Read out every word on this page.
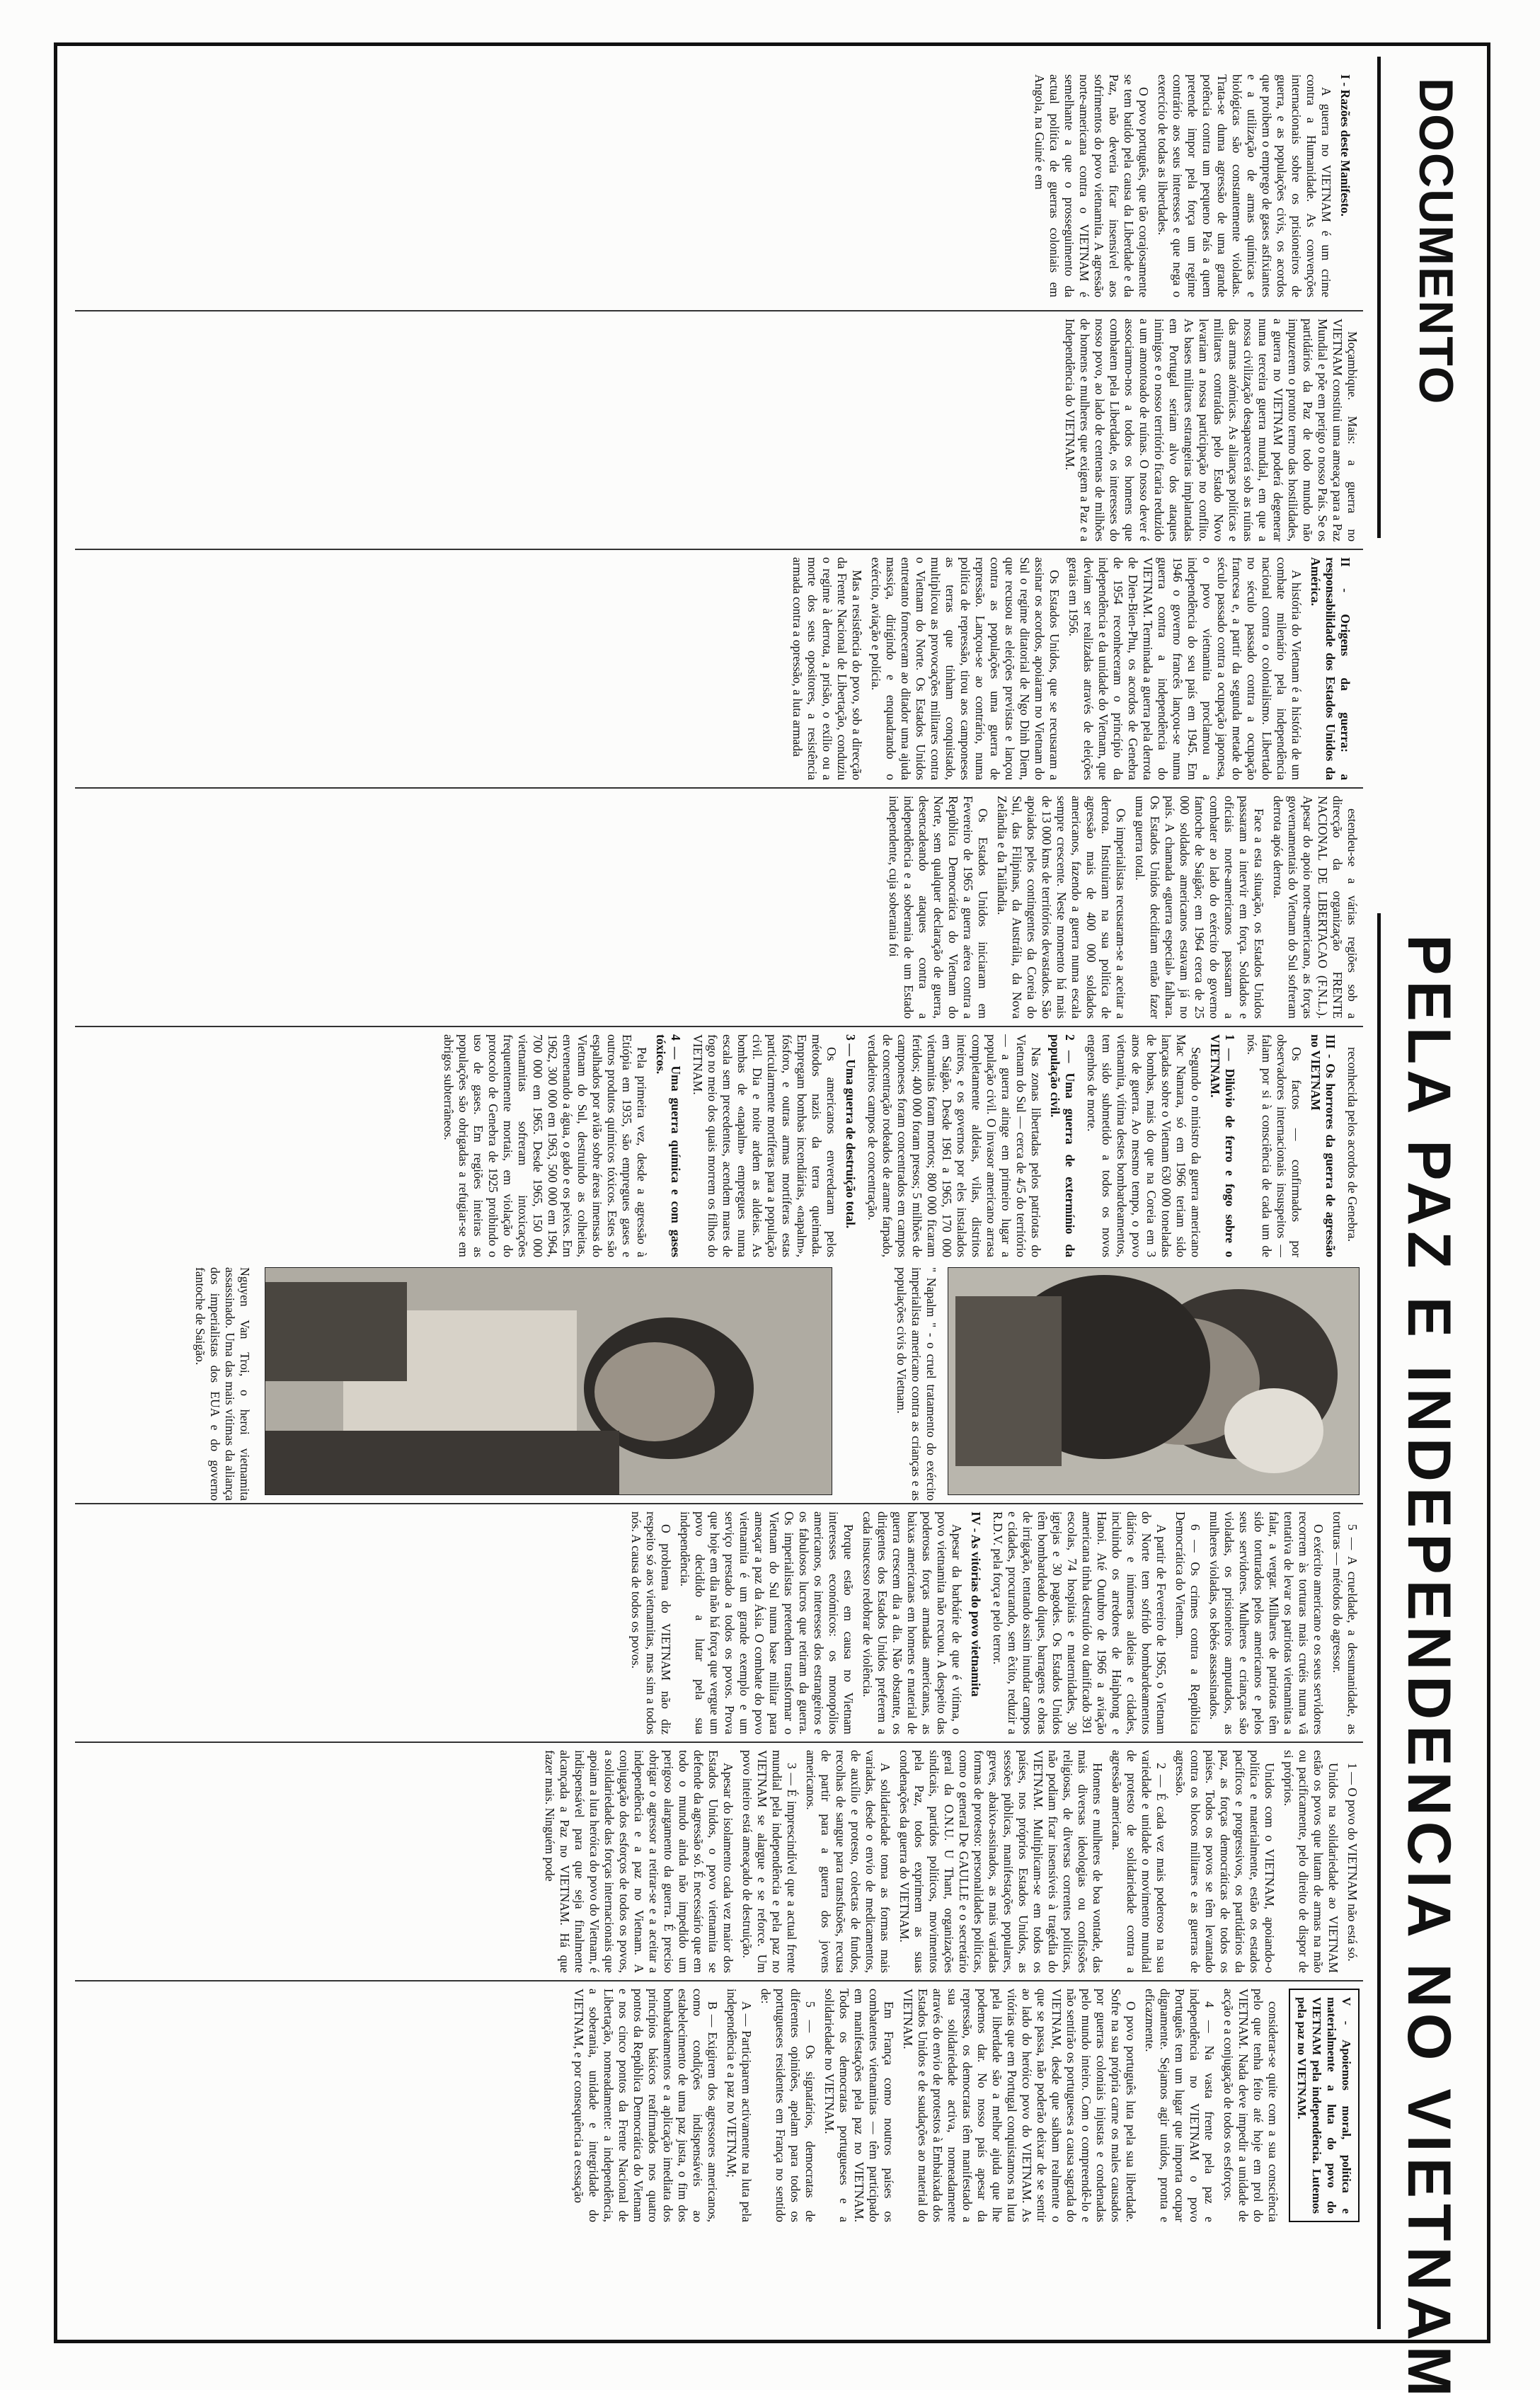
DOCUMENTO
PELA PAZ E INDEPENDENCIA NO VIETNAM

I - Razões deste Manifesto.

A guerra no VIETNAM é um crime contra a Humanidade. As convenções internacionais sobre os prisioneiros de guerra, e as populações civis, os acordos que proibem o emprego de gases asfixiantes e a utilização de armas químicas e biológicas são constantemente violadas. Trata-se duma agressão de uma grande potência contra um pequeno País a quem pretende impor pela força um regime contrário aos seus interesses e que nega o exercício de todas as liberdades.

O povo português, que tão corajosamente se tem batido pela causa da Liberdade e da Paz, não deveria ficar insensível aos sofrimentos do povo vietnamita. A agressão norte-americana contra o VIETNAM é semelhante a que o prosseguimento da actual política de guerras coloniais em Angola, na Guiné e em

Moçambique. Mais: a guerra no VIETNAM constitui uma ameaça para a Paz Mundial e põe em perigo o nosso País. Se os partidários da Paz de todo mundo não impuzerem o pronto termo das hostilidades, a guerra no VIETNAM poderá degenerar numa terceira guerra mundial, em que a nossa civilização desaparecerá sob as ruínas das armas atómicas. As alianças políticas e militares contraídas pelo Estado Novo levariam a nossa participação no conflito. As bases militares estrangeiras implantadas em Portugal seriam alvo dos ataques inimigos e o nosso território ficaria reduzido a um amontoado de ruínas. O nosso dever é associarmo-nos a todos os homens que combatem pela Liberdade, os interesses do nosso povo, ao lado de centenas de milhões de homens e mulheres que exigem a Paz e a Independência do VIETNAM.

II - Origens da guerra: a responsabilidade dos Estados Unidos da América.

A história do Vietnam é a história de um combate milenário pela independência nacional contra o colonialismo. Libertado no século passado contra a ocupação francesa e, a partir da segunda metade do século passado contra a ocupação japonesa, o povo vietnamita proclamou a independência do seu país em 1945. Em 1946 o governo francês lançou-se numa guerra contra a independência do VIETNAM. Terminada a guerra pela derrota de Dien-Bien-Phu, os acordos de Genebra de 1954 reconheceram o princípio da independência e da unidade do Vietnam, que deviam ser realizadas através de eleições gerais em 1956.

Os Estados Unidos, que se recusaram a assinar os acordos, apoiaram no Vietnam do Sul o regime ditatorial de Ngo Dinh Diem, que recusou as eleições previstas e lançou contra as populações uma guerra de repressão. Lançou-se ao contrário, numa política de repressão, tirou aos camponeses as terras que tinham conquistado, multiplicou as provocações militares contra o Vietnam do Norte. Os Estados Unidos entretanto forneceram ao ditador uma ajuda massiça, dirigindo e enquadrando o exército, aviação e polícia.

Mas a resistência do povo, sob a direcção da Frente Nacional de Libertação, conduziu o regime à derrota, a prisão, o exílio ou a morte dos seus opositores, a resistência armada contra a opressão, a luta armada

estendeu-se a várias regiões sob a direcção da organização FRENTE NACIONAL DE LIBERTACAO (F.N.L.). Apesar do apoio norte-americano, as forças governamentais do Vietnam do Sul sofreram derrota após derrota.

Face a esta situação, os Estados Unidos passaram a intervir em força. Soldados e oficiais norte-americanos passaram a combater ao lado do exército do governo fantoche de Saigão; em 1964 cerca de 25 000 soldados americanos estavam já no país. A chamada «guerra especial» falhara. Os Estados Unidos decidiram então fazer uma guerra total.

Os imperialistas recusaram-se a aceitar a derrota. Instituiram na sua política de agressão mais de 400 000 soldados americanos, fazendo a guerra numa escala sempre crescente. Neste momento há mais de 13 000 kms de territórios devastados. São apoiados pelos contingentes da Coreia do Sul, das Filipinas, da Austrália, da Nova Zelândia e da Tailândia.

Os Estados Unidos iniciaram em Fevereiro de 1965 a guerra aérea contra a República Democrática do Vietnam do Norte, sem qualquer declaração de guerra, desencadeando ataques contra a independência e a soberania de um Estado independente, cuja soberania foi

reconhecida pelos acordos de Genebra.

III - Os horrores da guerra de agressão no VIETNAM

Os factos — confirmados por observadores internacionais insuspeitos — falam por si à consciência de cada um de nós.

1 — Dilúvio de ferro e fogo sobre o VIETNAM.

Segundo o ministro da guerra americano Mac Namara, só em 1966 teriam sido lançadas sobre o Vietnam 630 000 toneladas de bombas, mais do que na Coreia em 3 anos de guerra. Ao mesmo tempo, o povo vietnamita, vítima destes bombardeamentos, tem sido submetido a todos os novos engenhos de morte.

2 — Uma guerra de extermínio da população civil.

Nas zonas libertadas pelos patriotas do Vietnam do Sul — cerca de 4/5 do território — a guerra atinge em primeiro lugar a população civil. O invasor americano arrasa completamente aldeias, vilas, distritos inteiros, e os governos por eles instalados em Saigão. Desde 1961 a 1965, 170 000 vietnamitas foram mortos; 800 000 ficaram feridos; 400 000 foram presos; 5 milhões de camponeses foram concentrados em campos de concentração rodeados de arame farpado, verdadeiros campos de concentração.

3 — Uma guerra de destruição total.

Os americanos enveredaram pelos métodos nazis da terra queimada. Empregam bombas incendiárias, «napalm», fósforo, e outras armas mortíferas estas particularmente mortíferas para a população civil. Dia e noite ardem as aldeias. As bombas de «napalm» empregues numa escala sem precedentes, acendem mares de fogo no meio dos quais morrem os filhos do VIETNAM.

4 — Uma guerra química e com gases tóxicos.

Pela primeira vez, desde a agressão à Etiópia em 1935, são empregues gases e outros produtos químicos tóxicos. Estes são espalhados por avião sobre áreas imensas do Vietnam do Sul, destruindo as colheitas, envenenando a água, o gado e os peixes. Em 1962, 300 000 em 1963, 500 000 em 1964, 700 000 em 1965. Desde 1965, 150 000 vietnamitas sofreram intoxicações frequentemente mortais, em violação do protocolo de Genebra de 1925 proibindo o uso de gases. Em regiões inteiras as populações são obrigadas a refugiar-se em abrigos subterrâneos.

5 — A crueldade, a desumanidade, as torturas — métodos do agressor.

O exército americano e os seus servidores recorrem às torturas mais cruéis numa vã tentativa de levar os patriotas vietnamitas a falar, a vergar. Milhares de patriotas têm sido torturados pelos americanos e pelos seus servidores. Mulheres e crianças são violadas, os prisioneiros amputados, as mulheres violadas, os bébés assassinados.

6 — Os crimes contra a República Democrática do Vietnam.

A partir de Fevereiro de 1965, o Vietnam do Norte tem sofrido bombardeamentos diários e inúmeras aldeias e cidades, incluindo os arredores de Haiphong e Hanoi. Até Outubro de 1966 a aviação americana tinha destruído ou danificado 391 escolas, 74 hospitais e maternidades, 30 igrejas e 30 pagodes. Os Estados Unidos têm bombardeado diques, barragens e obras de irrigação, tentando assim inundar campos e cidades, procurando, sem êxito, reduzir a R.D.V. pela força e pelo terror.

IV - As vitórias do povo vietnamita

Apesar da barbárie de que é vítima, o povo vietnamita não recuou. A despeito das poderosas forças armadas americanas, as baixas americanas em homens e material de guerra crescem dia a dia. Não obstante, os dirigentes dos Estados Unidos preferem a cada insucesso redobrar de violência.

Porque estão em causa no Vietnam interesses económicos: os monopólios americanos, os interesses dos estrangeiros e os fabulosos lucros que retiram da guerra. Os imperialistas pretendem transformar o Vietnam do Sul numa base militar para ameaçar a paz da Ásia. O combate do povo vietnamita é um grande exemplo e um serviço prestado a todos os povos. Prova que hoje em dia não há força que vergue um povo decidido a lutar pela sua independência.

O problema do VIETNAM não diz respeito só aos vietnamitas, mas sim a todos nós. A causa de todos os povos.

1 — O povo do VIETNAM não está só.

Unidos na solidariedade ao VIETNAM estão os povos que lutam de armas na mão ou pacificamente, pelo direito de dispor de si próprios.

Unidos com o VIETNAM, apoiando-o política e materialmente, estão os estados pacíficos e progressivos, os partidários da paz, as forças democráticas de todos os países. Todos os povos se têm levantado contra os blocos militares e as guerras de agressão.

2 — É cada vez mais poderoso na sua variedade e unidade o movimento mundial de protesto de solidariedade contra a agressão americana.

Homens e mulheres de boa vontade, das mais diversas ideologias ou confissões religiosas, de diversas correntes políticas, não podiam ficar insensíveis à tragédia do VIETNAM. Multiplicam-se em todos os países, nos próprios Estados Unidos, as sessões públicas, manifestações populares, greves, abaixo-assinados, as mais variadas formas de protesto: personalidades políticas, como o general De GAULLE e o secretário geral da O.N.U. U Thant, organizações sindicais, partidos políticos, movimentos pela Paz, todos exprimem as suas condenações da guerra do VIETNAM.

A solidariedade toma as formas mais variadas, desde o envio de medicamentos, de auxílio e protesto, colectas de fundos, recolhas de sangue para transfusões, recusa de partir para a guerra dos jovens americanos.

3 — É imprescindível que a actual frente mundial pela independência e pela paz no VIETNAM se alargue e se reforce. Um povo inteiro está ameaçado de destruição.

Apesar do isolamento cada vez maior dos Estados Unidos, o povo vietnamita se defende da agressão só. É necessário que em todo o mundo ainda não impedido um perigoso alargamento da guerra. É preciso obrigar o agressor a retirar-se e a aceitar a independência e a paz no Vietnam. A conjugação dos esforços de todos os povos, a solidariedade das forças internacionais que apoiam a luta heróica do povo do Vietnam, é indispensável para que seja finalmente alcançada a Paz no VIETNAM. Há que fazer mais. Ninguém pode

V - Apoiemos moral, política e materialmente a luta do povo do VIETNAM pela independência. Lutemos pela paz no VIETNAM.

considerar-se quite com a sua consciência pelo que tenha feito até hoje em prol do VIETNAM. Nada deve impedir a unidade de acção e a conjugação de todos os esforços.

4 — Na vasta frente pela paz e independência no VIETNAM o povo Português tem um lugar que importa ocupar dignamente. Sejamos agir unidos, pronta e eficazmente.

O povo português luta pela sua liberdade. Sofre na sua própria carne os males causados por guerras coloniais injustas e condenadas pelo mundo inteiro. Com o compreendê-lo e não sentirão os portugueses a causa sagrada do VIETNAM, desde que saibam realmente o que se passa, não poderão deixar de se sentir ao lado do heróico povo do VIETNAM. As vitórias que em Portugal conquistamos na luta pela liberdade são a melhor ajuda que lhe podemos dar. No nosso país apesar da repressão, os democratas têm manifestado a sua solidariedade activa, nomeadamente através do envio de protestos à Embaixada dos Estados Unidos e de saudações ao material do VIETNAM.

Em França como noutros países os combatentes vietnamitas — têm participado em manifestações pela paz no VIETNAM. Todos os democratas portugueses e a solidariedade no VIETNAM.

5 — Os signatários, democratas de diferentes opiniões, apelam para todos os portugueses residentes em França no sentido de:

A — Participarem activamente na luta pela independência e a paz no VIETNAM;

B — Exigirem dos agressores americanos, como condições indispensáveis ao estabelecimento de uma paz justa, o fim dos bombardeamentos e a aplicação imediata dos princípios básicos reafirmados nos quatro pontos da República Democrática do Vietnam e nos cinco pontos da Frente Nacional de Libertação, nomeadamente: a independência, a soberania, unidade e integridade do VIETNAM, e por consequência a cessação

" Napalm " - o cruel tratamento do exército imperialista americano contra as crianças e as populações civis do Vietnam.
Nguyen Van Troi, o heroi vietnamita assassinado. Uma das mais vítimas da aliança dos imperialistas dos EUA e do governo fantoche de Saigão.
